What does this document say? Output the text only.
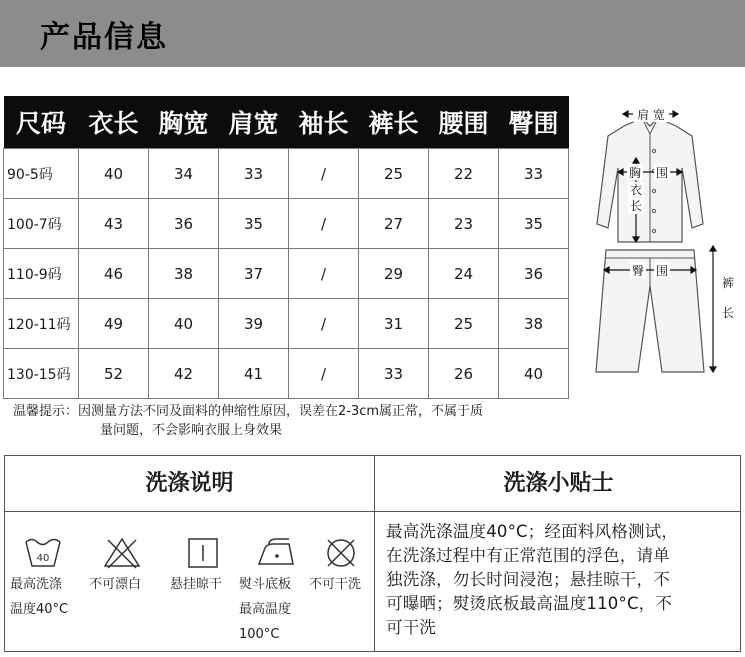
产品信息
尺码	衣长	胸宽	肩宽	袖长	裤长	腰围	臀围
90-5码	40	34	33	/	25	22	33
100-7码	43	36	35	/	27	23	35
110-9码	46	38	37	/	29	24	36
120-11码	49	40	39	/	31	25	38
130-15码	52	42	41	/	33	26	40
肩 宽
胸 围
衣
长
臀 围
裤
长
温馨提示：因测量方法不同及面料的伸缩性原因，误差在2-3cm属正常，不属于质
量问题，不会影响衣服上身效果
洗涤说明	洗涤小贴士
40
最高洗涤
温度40°C
不可漂白 悬挂晾干 熨斗底板
最高温度
100°C
不可干洗
最高洗涤温度40°C；经面料风格测试，
在洗涤过程中有正常范围的浮色，请单
独洗涤，勿长时间浸泡；悬挂晾干，不
可曝晒；熨烫底板最高温度110°C，不
可干洗
